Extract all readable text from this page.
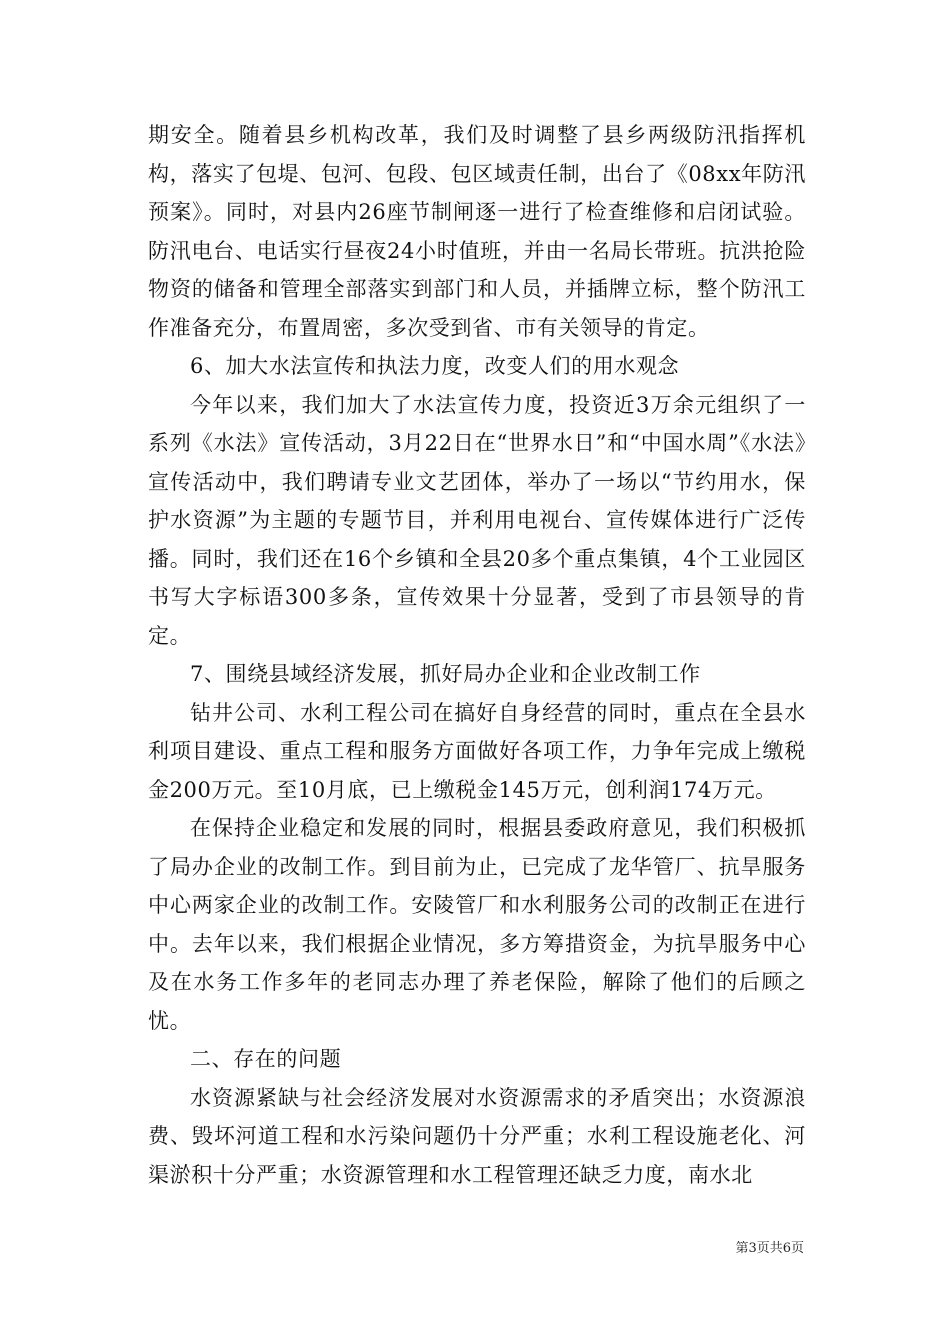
期安全。随着县乡机构改革，我们及时调整了县乡两级防汛指挥机构，落实了包堤、包河、包段、包区域责任制，出台了《08xx年防汛预案》。同时，对县内26座节制闸逐一进行了检查维修和启闭试验。防汛电台、电话实行昼夜24小时值班，并由一名局长带班。抗洪抢险物资的储备和管理全部落实到部门和人员，并插牌立标，整个防汛工作准备充分，布置周密，多次受到省、市有关领导的肯定。

6、加大水法宣传和执法力度，改变人们的用水观念

今年以来，我们加大了水法宣传力度，投资近3万余元组织了一系列《水法》宣传活动，3月22日在“世界水日”和“中国水周”《水法》宣传活动中，我们聘请专业文艺团体，举办了一场以“节约用水，保护水资源”为主题的专题节目，并利用电视台、宣传媒体进行广泛传播。同时，我们还在16个乡镇和全县20多个重点集镇，4个工业园区书写大字标语300多条，宣传效果十分显著，受到了市县领导的肯定。

7、围绕县域经济发展，抓好局办企业和企业改制工作

钻井公司、水利工程公司在搞好自身经营的同时，重点在全县水利项目建设、重点工程和服务方面做好各项工作，力争年完成上缴税金200万元。至10月底，已上缴税金145万元，创利润174万元。

在保持企业稳定和发展的同时，根据县委政府意见，我们积极抓了局办企业的改制工作。到目前为止，已完成了龙华管厂、抗旱服务中心两家企业的改制工作。安陵管厂和水利服务公司的改制正在进行中。去年以来，我们根据企业情况，多方筹措资金，为抗旱服务中心及在水务工作多年的老同志办理了养老保险，解除了他们的后顾之忧。

二、存在的问题

水资源紧缺与社会经济发展对水资源需求的矛盾突出；水资源浪费、毁坏河道工程和水污染问题仍十分严重；水利工程设施老化、河渠淤积十分严重；水资源管理和水工程管理还缺乏力度，南水北

第3页共6页
